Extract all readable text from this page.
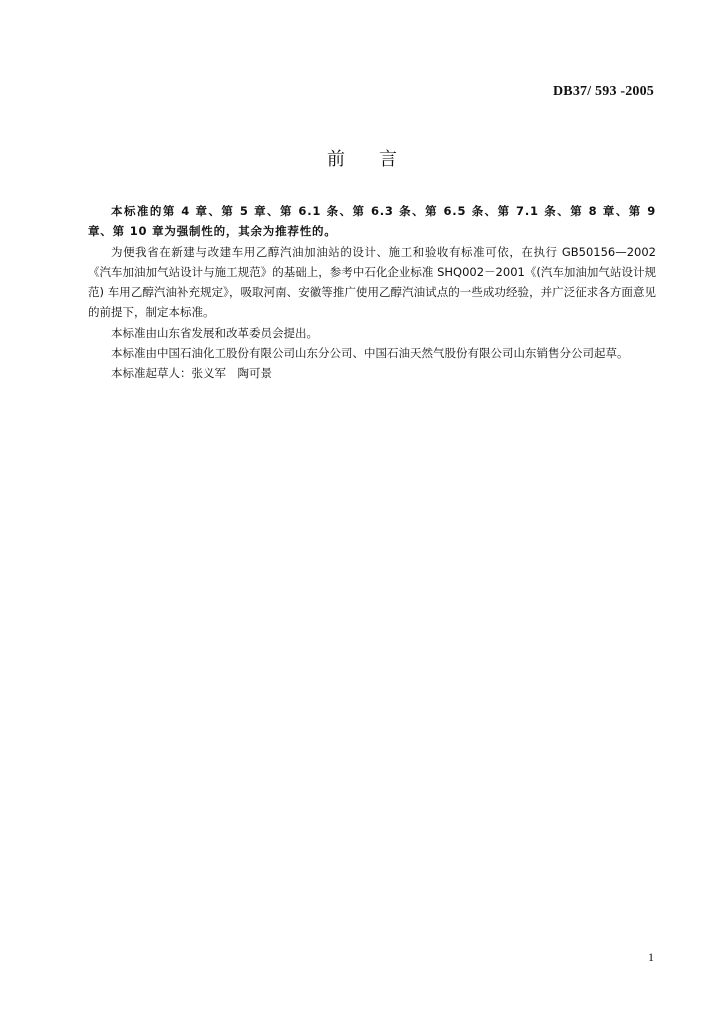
DB37/ 593 -2005
前言

本标准的第 4 章、第 5 章、第 6.1 条、第 6.3 条、第 6.5 条、第 7.1 条、第 8 章、第 9 章、第 10 章为强制性的，其余为推荐性的。

为便我省在新建与改建车用乙醇汽油加油站的设计、施工和验收有标准可依，在执行 GB50156—2002《汽车加油加气站设计与施工规范》的基础上，参考中石化企业标准 SHQ002－2001《(汽车加油加气站设计规范) 车用乙醇汽油补充规定》，吸取河南、安徽等推广使用乙醇汽油试点的一些成功经验，并广泛征求各方面意见的前提下，制定本标准。

本标准由山东省发展和改革委员会提出。

本标准由中国石油化工股份有限公司山东分公司、中国石油天然气股份有限公司山东销售分公司起草。

本标准起草人：张义军　陶可景

1
